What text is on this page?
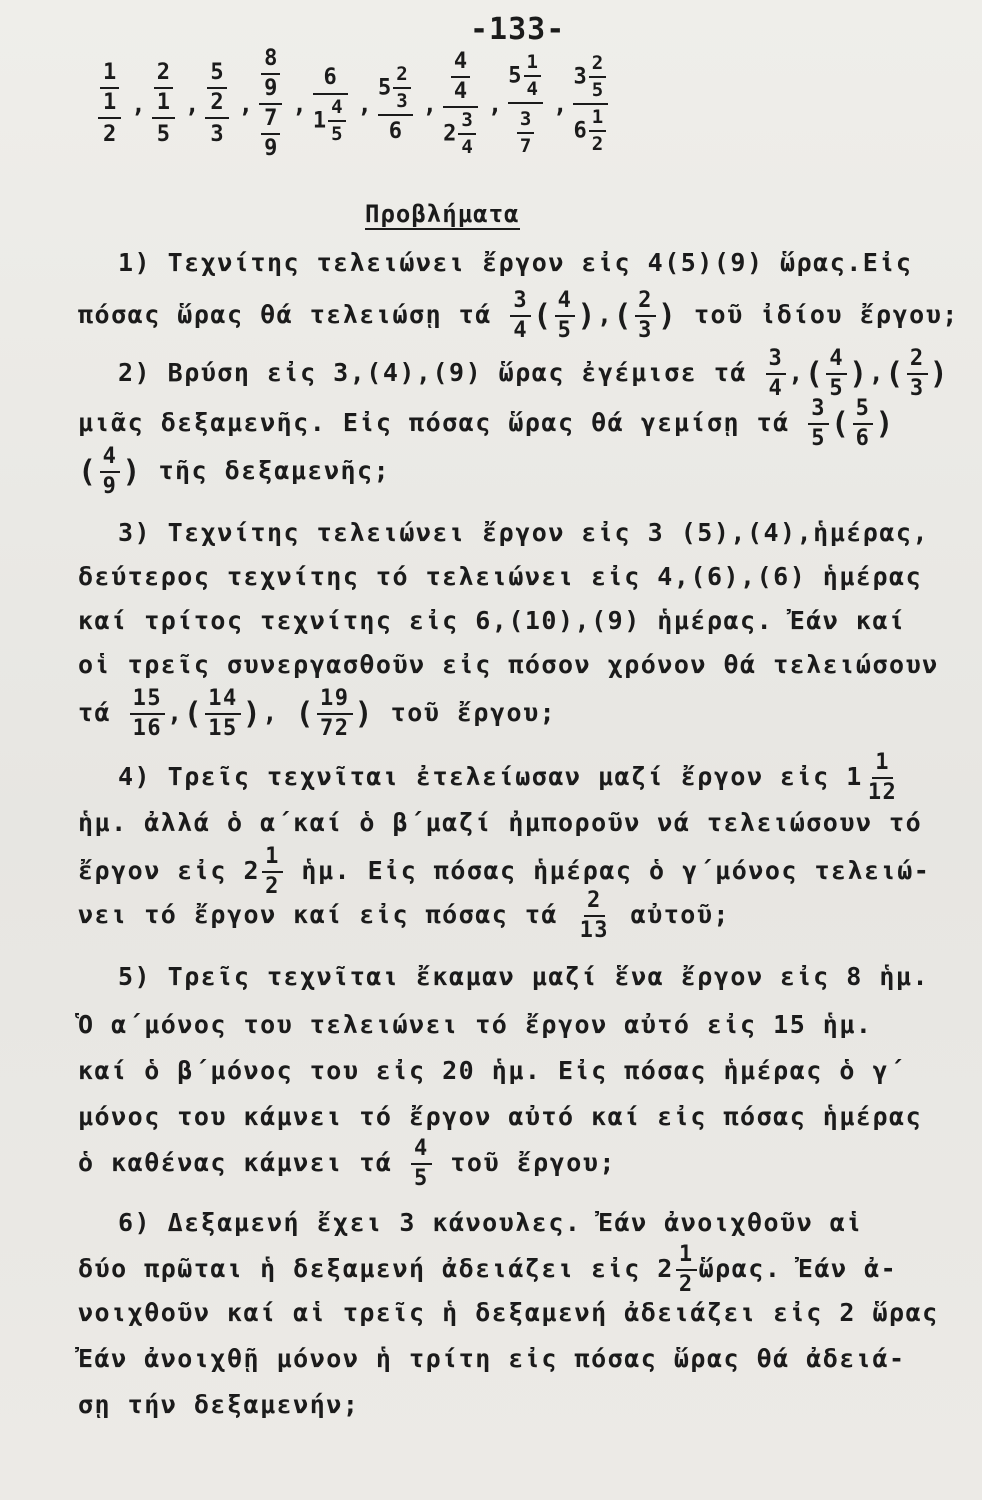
-133-
$\frac{1}{1}$
2
, $\frac{2}{1}$
5
, $\frac{5}{2}$
3
,
$\frac{8}{9}$
$\frac{7}{9}$
,
6
$1 \frac{4}{5}$ ,
$5 \frac{2}{3}$
6
,
$\frac{4}{4}$
$2 \frac{3}{4}$
,
$5 \frac{1}{4}$
$\frac{3}{7}$
,
$3 \frac{2}{5}$
$6 \frac{1}{2}$
Προβλήματα
1) Τεχνίτης τελειώνει ἔργον εἰς 4(5)(9) ὥρας.Εἰς
πόσας ὥρας θά τελειώσῃ τά $\frac{3}{4}$ ( $\frac{4}{5}$ ),( $\frac{2}{3}$ ) τοῦ ἰδίου ἔργου;
2) Βρύση εἰς 3,(4),(9) ὥρας ἐγέμισε τά $\frac{3}{4}$ ,( $\frac{4}{5}$ ),( $\frac{2}{3}$ )
μιᾶς δεξαμενῆς. Εἰς πόσας ὥρας θά γεμίσῃ τά $\frac{3}{5}$ ( $\frac{5}{6}$ )
( $\frac{4}{9}$ ) τῆς δεξαμενῆς;
3) Τεχνίτης τελειώνει ἔργον εἰς 3 (5),(4),ἡμέρας,
δεύτερος τεχνίτης τό τελειώνει εἰς 4,(6),(6) ἡμέρας
καί τρίτος τεχνίτης εἰς 6,(10),(9) ἡμέρας. Ἐάν καί
οἱ τρεῖς συνεργασθοῦν εἰς πόσον χρόνον θά τελειώσουν
τά $\frac{15}{16}$ ,( $\frac{14}{15}$ ), ( $\frac{19}{72}$ ) τοῦ ἔργου;
4) Τρεῖς τεχνῖται ἐτελείωσαν μαζί ἔργον εἰς $1 \frac{1}{12}$
ἡμ. ἀλλά ὁ α´καί ὁ β´μαζί ἠμποροῦν νά τελειώσουν τό
ἔργον εἰς $2 \frac{1}{2}$ ἡμ. Εἰς πόσας ἡμέρας ὁ γ´μόνος τελειώ-
νει τό ἔργον καί εἰς πόσας τά $\frac{2}{13}$ αὐτοῦ;
5) Τρεῖς τεχνῖται ἔκαμαν μαζί ἕνα ἔργον εἰς 8 ἡμ.
Ὁ α´μόνος του τελειώνει τό ἔργον αὐτό εἰς 15 ἡμ.
καί ὁ β´μόνος του εἰς 20 ἡμ. Εἰς πόσας ἡμέρας ὁ γ´
μόνος του κάμνει τό ἔργον αὐτό καί εἰς πόσας ἡμέρας
ὁ καθένας κάμνει τά $\frac{4}{5}$ τοῦ ἔργου;
6) Δεξαμενή ἔχει 3 κάνουλες. Ἐάν ἀνοιχθοῦν αἱ
δύο πρῶται ἡ δεξαμενή ἀδειάζει εἰς $2 \frac{1}{2}$ ὥρας. Ἐάν ἀ-
νοιχθοῦν καί αἱ τρεῖς ἡ δεξαμενή ἀδειάζει εἰς 2 ὥρας
Ἐάν ἀνοιχθῇ μόνον ἡ τρίτη εἰς πόσας ὥρας θά ἀδειά-
σῃ τήν δεξαμενήν;
